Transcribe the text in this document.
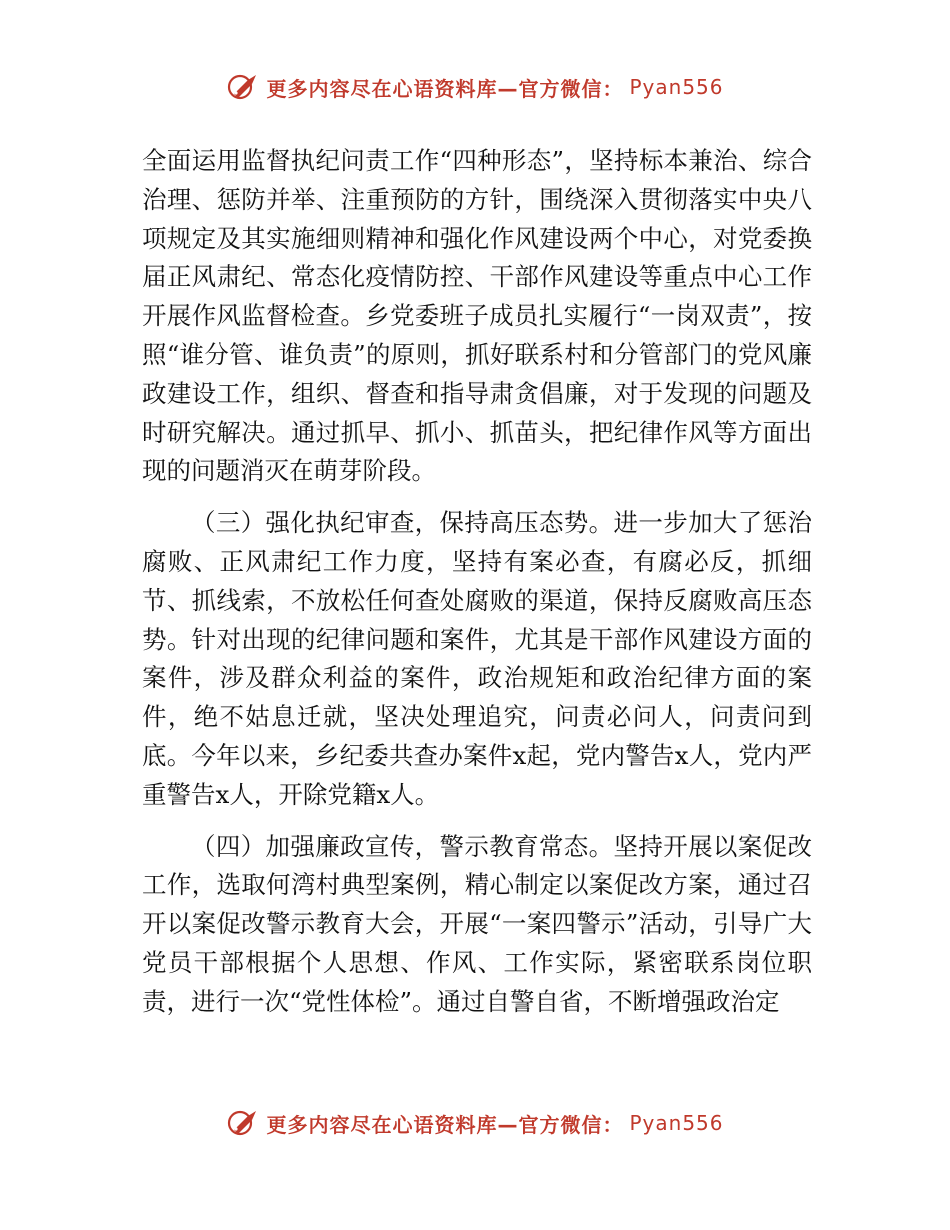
更多内容尽在心语资料库—官方微信： Pyan556

全面运用监督执纪问责工作“四种形态”，坚持标本兼治、综合治理、惩防并举、注重预防的方针，围绕深入贯彻落实中央八项规定及其实施细则精神和强化作风建设两个中心，对党委换届正风肃纪、常态化疫情防控、干部作风建设等重点中心工作开展作风监督检查。乡党委班子成员扎实履行“一岗双责”，按照“谁分管、谁负责”的原则，抓好联系村和分管部门的党风廉政建设工作，组织、督查和指导肃贪倡廉，对于发现的问题及时研究解决。通过抓早、抓小、抓苗头，把纪律作风等方面出现的问题消灭在萌芽阶段。

（三）强化执纪审查，保持高压态势。进一步加大了惩治腐败、正风肃纪工作力度，坚持有案必查，有腐必反，抓细节、抓线索，不放松任何查处腐败的渠道，保持反腐败高压态势。针对出现的纪律问题和案件，尤其是干部作风建设方面的案件，涉及群众利益的案件，政治规矩和政治纪律方面的案件，绝不姑息迁就，坚决处理追究，问责必问人，问责问到底。今年以来，乡纪委共查办案件x起，党内警告x人，党内严重警告x人，开除党籍x人。

（四）加强廉政宣传，警示教育常态。坚持开展以案促改工作，选取何湾村典型案例，精心制定以案促改方案，通过召开以案促改警示教育大会，开展“一案四警示”活动，引导广大党员干部根据个人思想、作风、工作实际，紧密联系岗位职责，进行一次“党性体检”。通过自警自省，不断增强政治定

更多内容尽在心语资料库—官方微信： Pyan556
